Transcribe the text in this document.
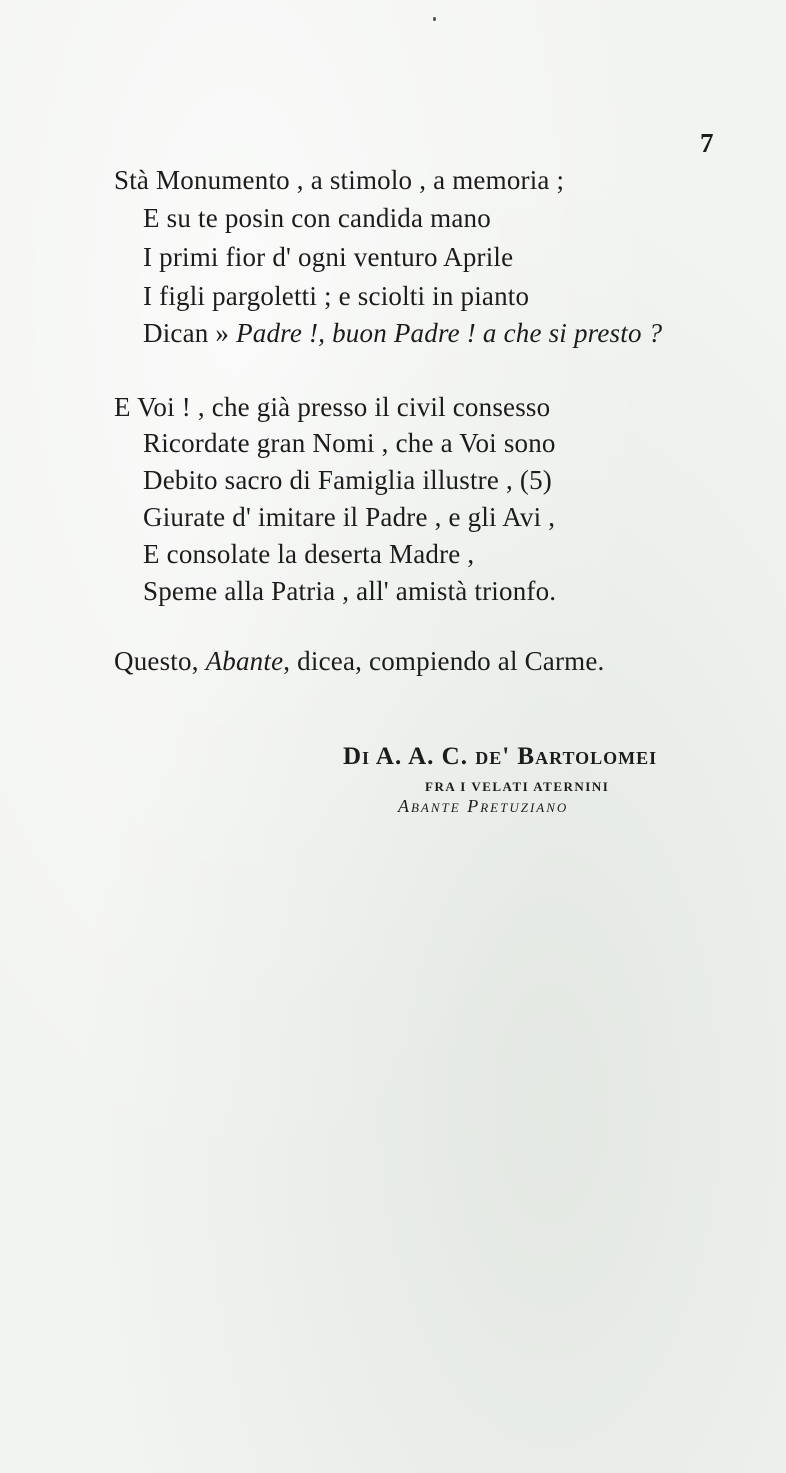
7
Stà Monumento , a stimolo , a memoria ;
E su te posin con candida mano
I primi fior d' ogni venturo Aprile
I figli pargoletti ; e sciolti in pianto
Dican » Padre !, buon Padre ! a che si presto ?
E Voi ! , che già presso il civil consesso
Ricordate gran Nomi , che a Voi sono
Debito sacro di Famiglia illustre , (5)
Giurate d' imitare il Padre , e gli Avi ,
E consolate la deserta Madre ,
Speme alla Patria , all' amistà trionfo.
Questo, Abante, dicea, compiendo al Carme.
Di A. A. C. de' Bartolomei
FRA I VELATI ATERNINI
Abante Pretuziano
